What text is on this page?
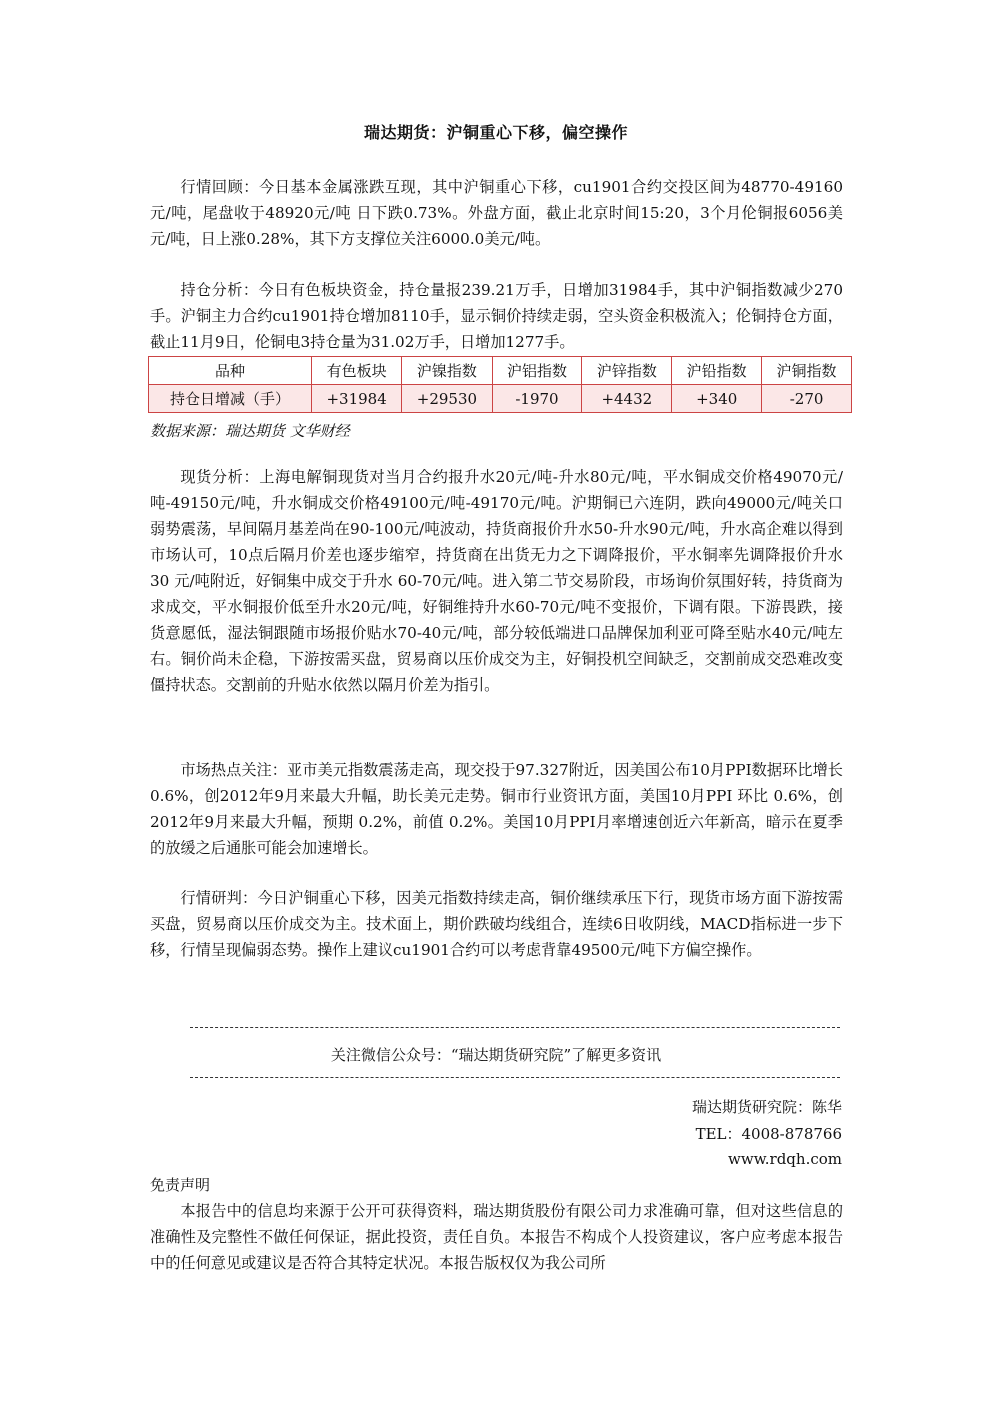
瑞达期货：沪铜重心下移，偏空操作

行情回顾：今日基本金属涨跌互现，其中沪铜重心下移，cu1901合约交投区间为48770-49160元/吨，尾盘收于48920元/吨 日下跌0.73%。外盘方面，截止北京时间15:20，3个月伦铜报6056美元/吨，日上涨0.28%，其下方支撑位关注6000.0美元/吨。

持仓分析：今日有色板块资金，持仓量报239.21万手，日增加31984手，其中沪铜指数减少270手。沪铜主力合约cu1901持仓增加8110手，显示铜价持续走弱，空头资金积极流入；伦铜持仓方面，截止11月9日，伦铜电3持仓量为31.02万手，日增加1277手。

品种	有色板块	沪镍指数	沪铝指数	沪锌指数	沪铅指数	沪铜指数
持仓日增减（手）	+31984	+29530	-1970	+4432	+340	-270
数据来源：瑞达期货 文华财经

现货分析：上海电解铜现货对当月合约报升水20元/吨-升水80元/吨，平水铜成交价格49070元/吨-49150元/吨，升水铜成交价格49100元/吨-49170元/吨。沪期铜已六连阴，跌向49000元/吨关口弱势震荡，早间隔月基差尚在90-100元/吨波动，持货商报价升水50-升水90元/吨，升水高企难以得到市场认可，10点后隔月价差也逐步缩窄，持货商在出货无力之下调降报价，平水铜率先调降报价升水 30 元/吨附近，好铜集中成交于升水 60-70元/吨。进入第二节交易阶段，市场询价氛围好转，持货商为求成交，平水铜报价低至升水20元/吨，好铜维持升水60-70元/吨不变报价，下调有限。下游畏跌，接货意愿低，湿法铜跟随市场报价贴水70-40元/吨，部分较低端进口品牌保加利亚可降至贴水40元/吨左右。铜价尚未企稳，下游按需买盘，贸易商以压价成交为主，好铜投机空间缺乏，交割前成交恐难改变僵持状态。交割前的升贴水依然以隔月价差为指引。

市场热点关注：亚市美元指数震荡走高，现交投于97.327附近，因美国公布10月PPI数据环比增长0.6%，创2012年9月来最大升幅，助长美元走势。铜市行业资讯方面，美国10月PPI 环比 0.6%，创2012年9月来最大升幅，预期 0.2%，前值 0.2%。美国10月PPI月率增速创近六年新高，暗示在夏季的放缓之后通胀可能会加速增长。

行情研判：今日沪铜重心下移，因美元指数持续走高，铜价继续承压下行，现货市场方面下游按需买盘，贸易商以压价成交为主。技术面上，期价跌破均线组合，连续6日收阴线，MACD指标进一步下移，行情呈现偏弱态势。操作上建议cu1901合约可以考虑背靠49500元/吨下方偏空操作。

关注微信公众号：“瑞达期货研究院”了解更多资讯
瑞达期货研究院：陈华
TEL：4008-878766
www.rdqh.com
免责声明

本报告中的信息均来源于公开可获得资料，瑞达期货股份有限公司力求准确可靠，但对这些信息的准确性及完整性不做任何保证，据此投资，责任自负。本报告不构成个人投资建议，客户应考虑本报告中的任何意见或建议是否符合其特定状况。本报告版权仅为我公司所
